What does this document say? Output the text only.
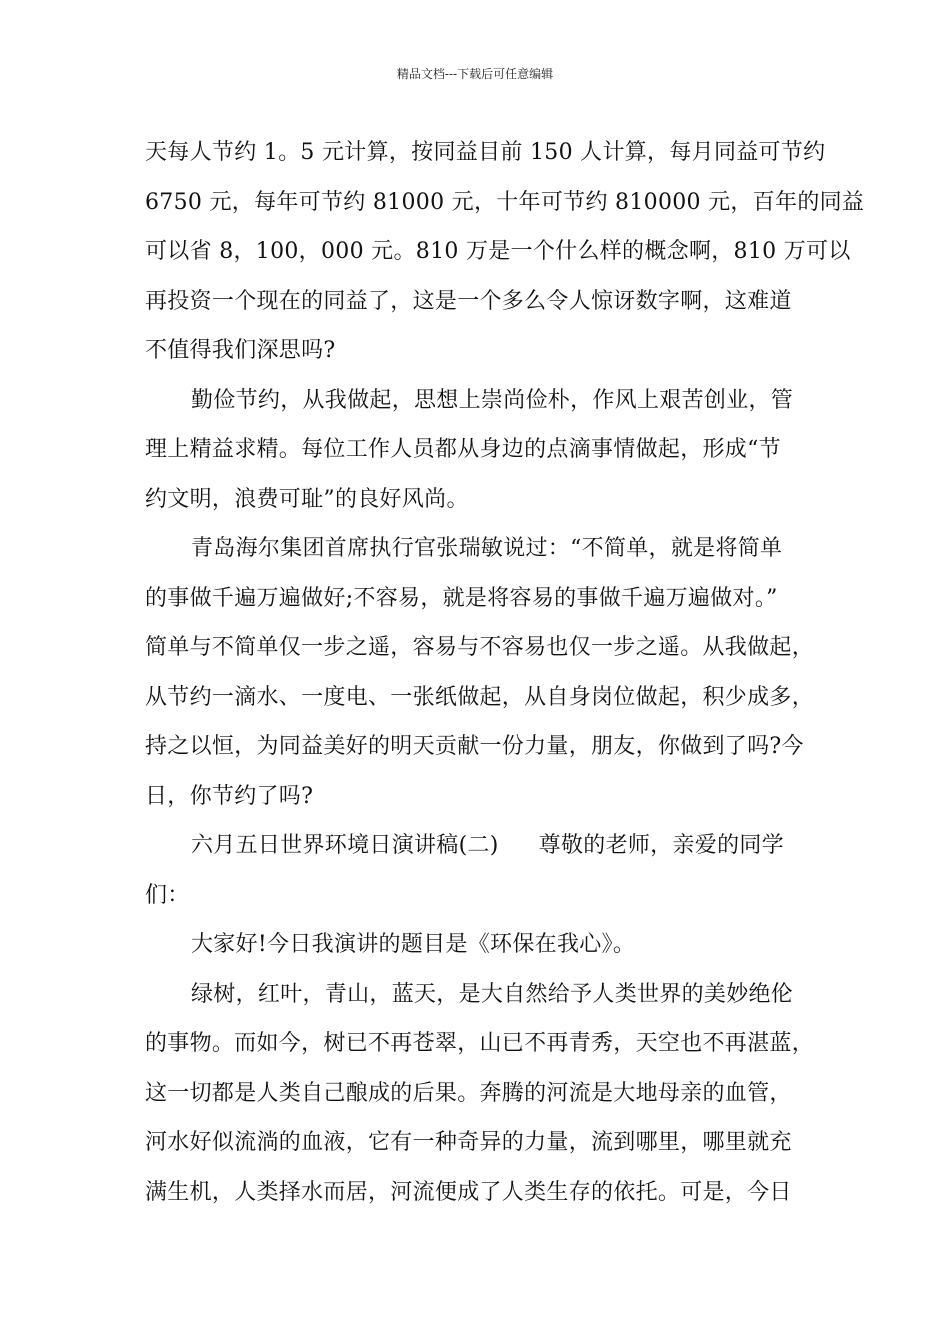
精品文档---下载后可任意编辑
天每人节约 1。5 元计算，按同益目前 150 人计算，每月同益可节约
6750 元，每年可节约 81000 元，十年可节约 810000 元，百年的同益
可以省 8，100，000 元。810 万是一个什么样的概念啊，810 万可以
再投资一个现在的同益了，这是一个多么令人惊讶数字啊，这难道
不值得我们深思吗?
勤俭节约，从我做起，思想上崇尚俭朴，作风上艰苦创业，管
理上精益求精。每位工作人员都从身边的点滴事情做起，形成“节
约文明，浪费可耻”的良好风尚。
青岛海尔集团首席执行官张瑞敏说过：“不简单，就是将简单
的事做千遍万遍做好;不容易，就是将容易的事做千遍万遍做对。”
简单与不简单仅一步之遥，容易与不容易也仅一步之遥。从我做起，
从节约一滴水、一度电、一张纸做起，从自身岗位做起，积少成多，
持之以恒，为同益美好的明天贡献一份力量，朋友，你做到了吗?今
日，你节约了吗?
六月五日世界环境日演讲稿(二) 尊敬的老师，亲爱的同学
们：
大家好!今日我演讲的题目是《环保在我心》。
绿树，红叶，青山，蓝天，是大自然给予人类世界的美妙绝伦
的事物。而如今，树已不再苍翠，山已不再青秀，天空也不再湛蓝，
这一切都是人类自己酿成的后果。奔腾的河流是大地母亲的血管，
河水好似流淌的血液，它有一种奇异的力量，流到哪里，哪里就充
满生机，人类择水而居，河流便成了人类生存的依托。可是，今日
